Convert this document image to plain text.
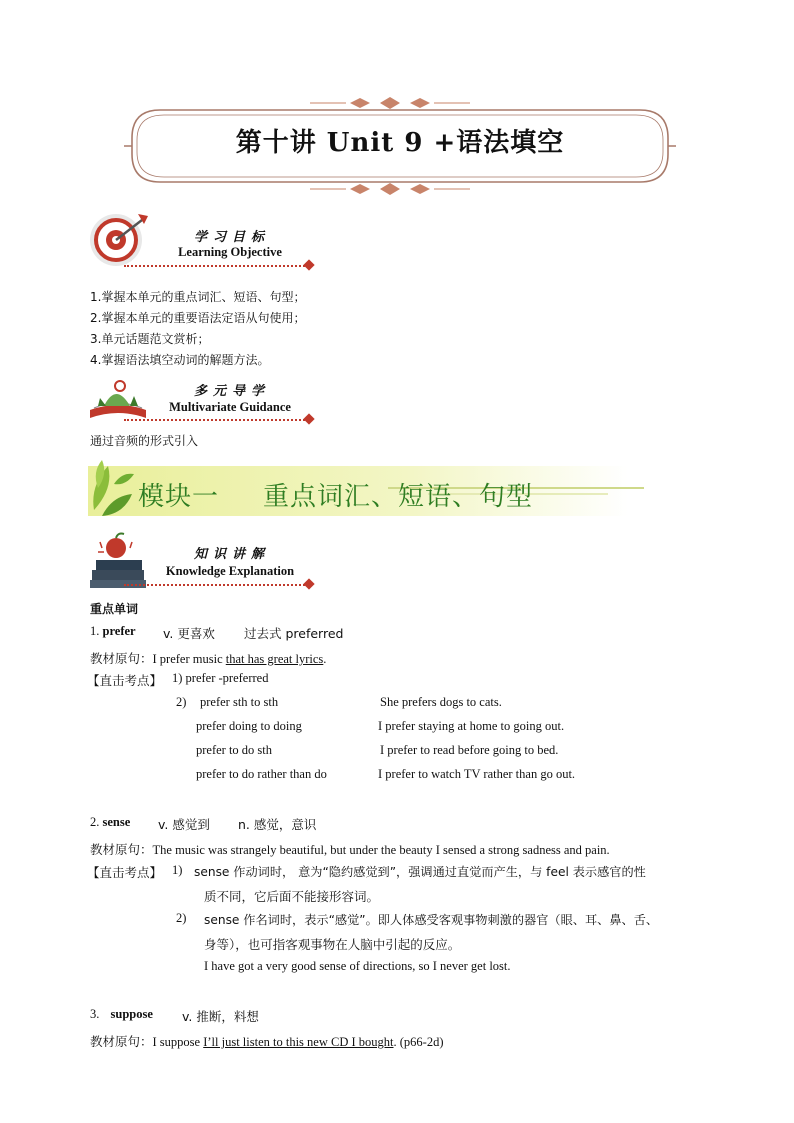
第十讲 Unit 9 +语法填空
学习目标
Learning Objective
1.掌握本单元的重点词汇、短语、句型；
2.掌握本单元的重要语法定语从句使用；
3.单元话题范文赏析；
4.掌握语法填空动词的解题方法。
多元导学
Multivariate Guidance
通过音频的形式引入
模块一 重点词汇、短语、句型
知识讲解
Knowledge Explanation
重点单词
1. prefer v. 更喜欢 过去式 preferred
教材原句：I prefer music that has great lyrics.
【直击考点】 1) prefer -preferred
2) prefer sth to sth	She prefers dogs to cats.
prefer doing to doing	I prefer staying at home to going out.
prefer to do sth	I prefer to read before going to bed.
prefer to do rather than do	I prefer to watch TV rather than go out.
2. sense v. 感觉到 n. 感觉，意识
教材原句：The music was strangely beautiful, but under the beauty I sensed a strong sadness and pain.
【直击考点】 1) sense 作动词时， 意为“隐约感觉到”，强调通过直觉而产生，与 feel 表示感官的性
质不同，它后面不能接形容词。
2) sense 作名词时，表示“感觉”。即人体感受客观事物刺激的器官（眼、耳、鼻、舌、
身等），也可指客观事物在人脑中引起的反应。
I have got a very good sense of directions, so I never get lost.
3. suppose v. 推断，料想
教材原句：I suppose I’ll just listen to this new CD I bought. (p66-2d)
